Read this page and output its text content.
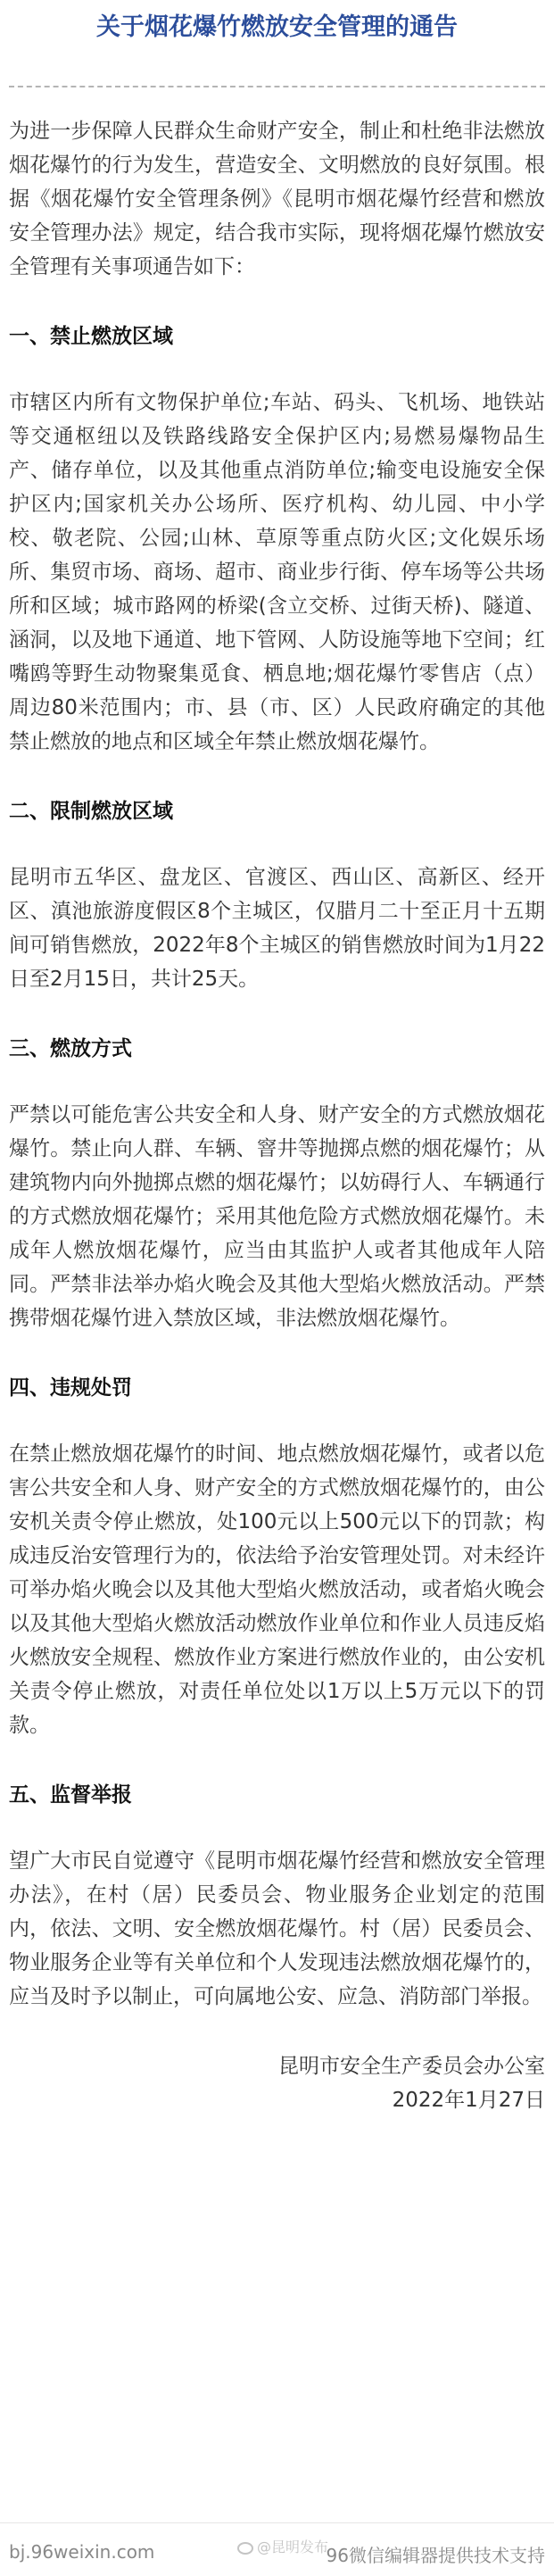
关于烟花爆竹燃放安全管理的通告

为进一步保障人民群众生命财产安全，制止和杜绝非法燃放烟花爆竹的行为发生，营造安全、文明燃放的良好氛围。根据《烟花爆竹安全管理条例》《昆明市烟花爆竹经营和燃放安全管理办法》规定，结合我市实际，现将烟花爆竹燃放安全管理有关事项通告如下：

一、禁止燃放区域

市辖区内所有文物保护单位;车站、码头、飞机场、地铁站等交通枢纽以及铁路线路安全保护区内;易燃易爆物品生产、储存单位，以及其他重点消防单位;输变电设施安全保护区内;国家机关办公场所、医疗机构、幼儿园、中小学校、敬老院、公园;山林、草原等重点防火区;文化娱乐场所、集贸市场、商场、超市、商业步行街、停车场等公共场所和区域；城市路网的桥梁(含立交桥、过街天桥)、隧道、涵洞，以及地下通道、地下管网、人防设施等地下空间；红嘴鸥等野生动物聚集觅食、栖息地;烟花爆竹零售店（点）周边80米范围内；市、县（市、区）人民政府确定的其他禁止燃放的地点和区域全年禁止燃放烟花爆竹。

二、限制燃放区域

昆明市五华区、盘龙区、官渡区、西山区、高新区、经开区、滇池旅游度假区8个主城区，仅腊月二十至正月十五期间可销售燃放，2022年8个主城区的销售燃放时间为1月22日至2月15日，共计25天。

三、燃放方式

严禁以可能危害公共安全和人身、财产安全的方式燃放烟花爆竹。禁止向人群、车辆、窨井等抛掷点燃的烟花爆竹；从建筑物内向外抛掷点燃的烟花爆竹；以妨碍行人、车辆通行的方式燃放烟花爆竹；采用其他危险方式燃放烟花爆竹。未成年人燃放烟花爆竹，应当由其监护人或者其他成年人陪同。严禁非法举办焰火晚会及其他大型焰火燃放活动。严禁携带烟花爆竹进入禁放区域，非法燃放烟花爆竹。

四、违规处罚

在禁止燃放烟花爆竹的时间、地点燃放烟花爆竹，或者以危害公共安全和人身、财产安全的方式燃放烟花爆竹的，由公安机关责令停止燃放，处100元以上500元以下的罚款；构成违反治安管理行为的，依法给予治安管理处罚。对未经许可举办焰火晚会以及其他大型焰火燃放活动，或者焰火晚会以及其他大型焰火燃放活动燃放作业单位和作业人员违反焰火燃放安全规程、燃放作业方案进行燃放作业的，由公安机关责令停止燃放，对责任单位处以1万以上5万元以下的罚款。

五、监督举报

望广大市民自觉遵守《昆明市烟花爆竹经营和燃放安全管理办法》，在村（居）民委员会、物业服务企业划定的范围内，依法、文明、安全燃放烟花爆竹。村（居）民委员会、物业服务企业等有关单位和个人发现违法燃放烟花爆竹的，应当及时予以制止，可向属地公安、应急、消防部门举报。

昆明市安全生产委员会办公室

2022年1月27日

bj.96weixin.com	@昆明发布

96微信编辑器提供技术支持
